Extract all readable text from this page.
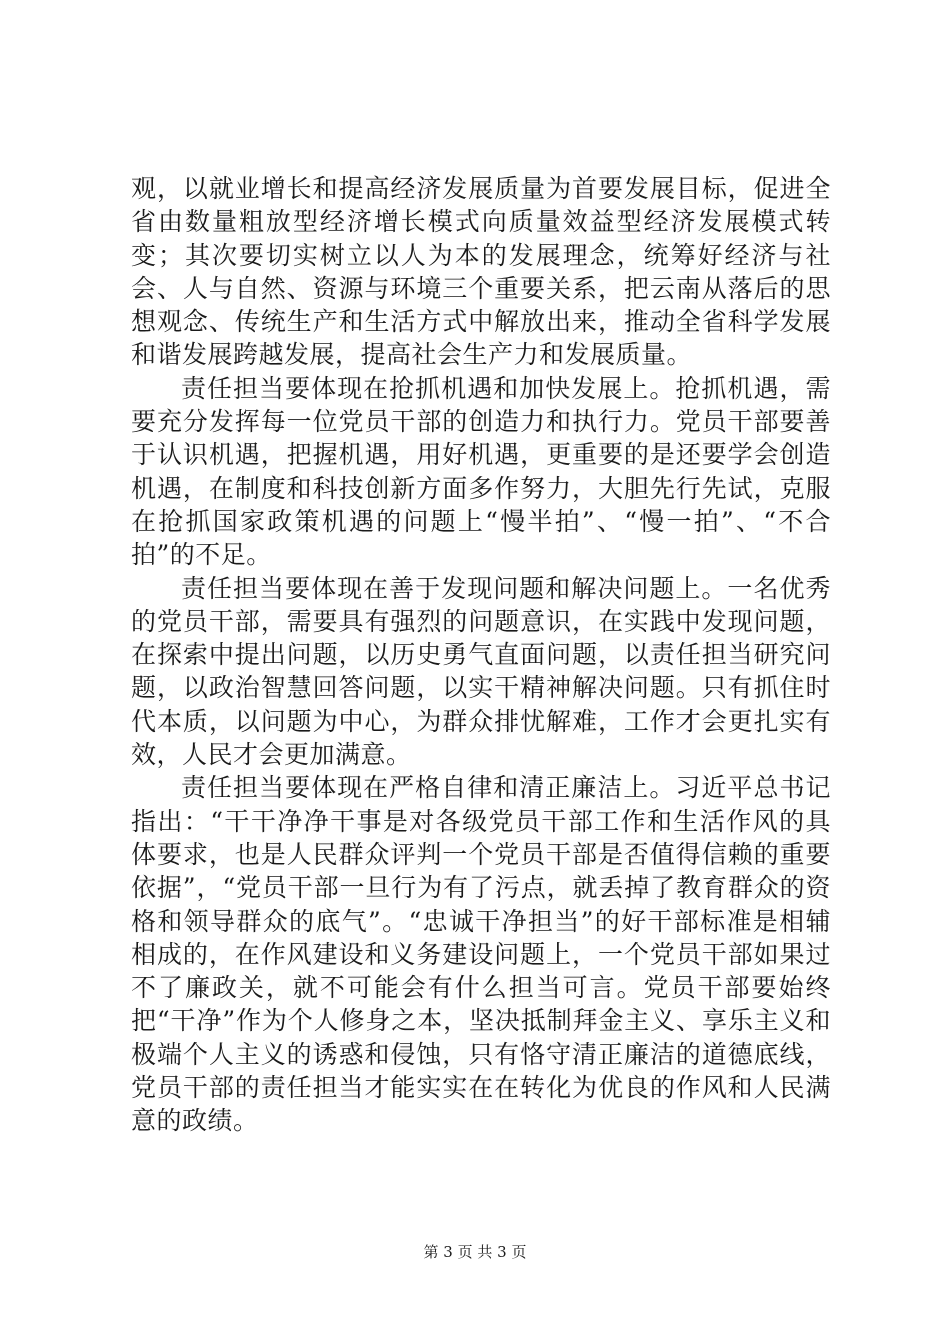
观，以就业增长和提高经济发展质量为首要发展目标，促进全省由数量粗放型经济增长模式向质量效益型经济发展模式转变；其次要切实树立以人为本的发展理念，统筹好经济与社会、人与自然、资源与环境三个重要关系，把云南从落后的思想观念、传统生产和生活方式中解放出来，推动全省科学发展和谐发展跨越发展，提高社会生产力和发展质量。

责任担当要体现在抢抓机遇和加快发展上。抢抓机遇，需要充分发挥每一位党员干部的创造力和执行力。党员干部要善于认识机遇，把握机遇，用好机遇，更重要的是还要学会创造机遇，在制度和科技创新方面多作努力，大胆先行先试，克服在抢抓国家政策机遇的问题上“慢半拍”、“慢一拍”、“不合拍”的不足。

责任担当要体现在善于发现问题和解决问题上。一名优秀的党员干部，需要具有强烈的问题意识，在实践中发现问题，在探索中提出问题，以历史勇气直面问题，以责任担当研究问题，以政治智慧回答问题，以实干精神解决问题。只有抓住时代本质，以问题为中心，为群众排忧解难，工作才会更扎实有效，人民才会更加满意。

责任担当要体现在严格自律和清正廉洁上。习近平总书记指出：“干干净净干事是对各级党员干部工作和生活作风的具体要求，也是人民群众评判一个党员干部是否值得信赖的重要依据”，“党员干部一旦行为有了污点，就丢掉了教育群众的资格和领导群众的底气”。“忠诚干净担当”的好干部标准是相辅相成的，在作风建设和义务建设问题上，一个党员干部如果过不了廉政关，就不可能会有什么担当可言。党员干部要始终把“干净”作为个人修身之本，坚决抵制拜金主义、享乐主义和极端个人主义的诱惑和侵蚀，只有恪守清正廉洁的道德底线，党员干部的责任担当才能实实在在转化为优良的作风和人民满意的政绩。

第 3 页 共 3 页
